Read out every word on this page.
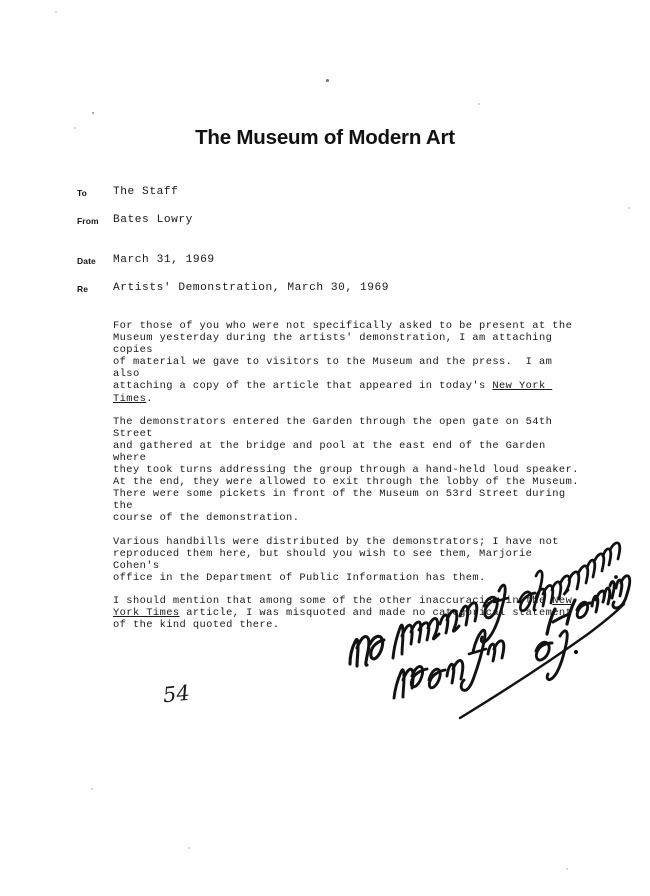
The Museum of Modern Art
To The Staff
From Bates Lowry
Date March 31, 1969
Re Artists' Demonstration, March 30, 1969

For those of you who were not specifically asked to be present at the
Museum yesterday during the artists' demonstration, I am attaching copies
of material we gave to visitors to the Museum and the press.  I am also
attaching a copy of the article that appeared in today's New York Times.

The demonstrators entered the Garden through the open gate on 54th Street
and gathered at the bridge and pool at the east end of the Garden where
they took turns addressing the group through a hand-held loud speaker.
At the end, they were allowed to exit through the lobby of the Museum.
There were some pickets in front of the Museum on 53rd Street during the
course of the demonstration.

Various handbills were distributed by the demonstrators; I have not
reproduced them here, but should you wish to see them, Marjorie Cohen's
office in the Department of Public Information has them.

I should mention that among some of the other inaccuracies in the New
York Times article, I was misquoted and made no categorical statement
of the kind quoted there.

54
